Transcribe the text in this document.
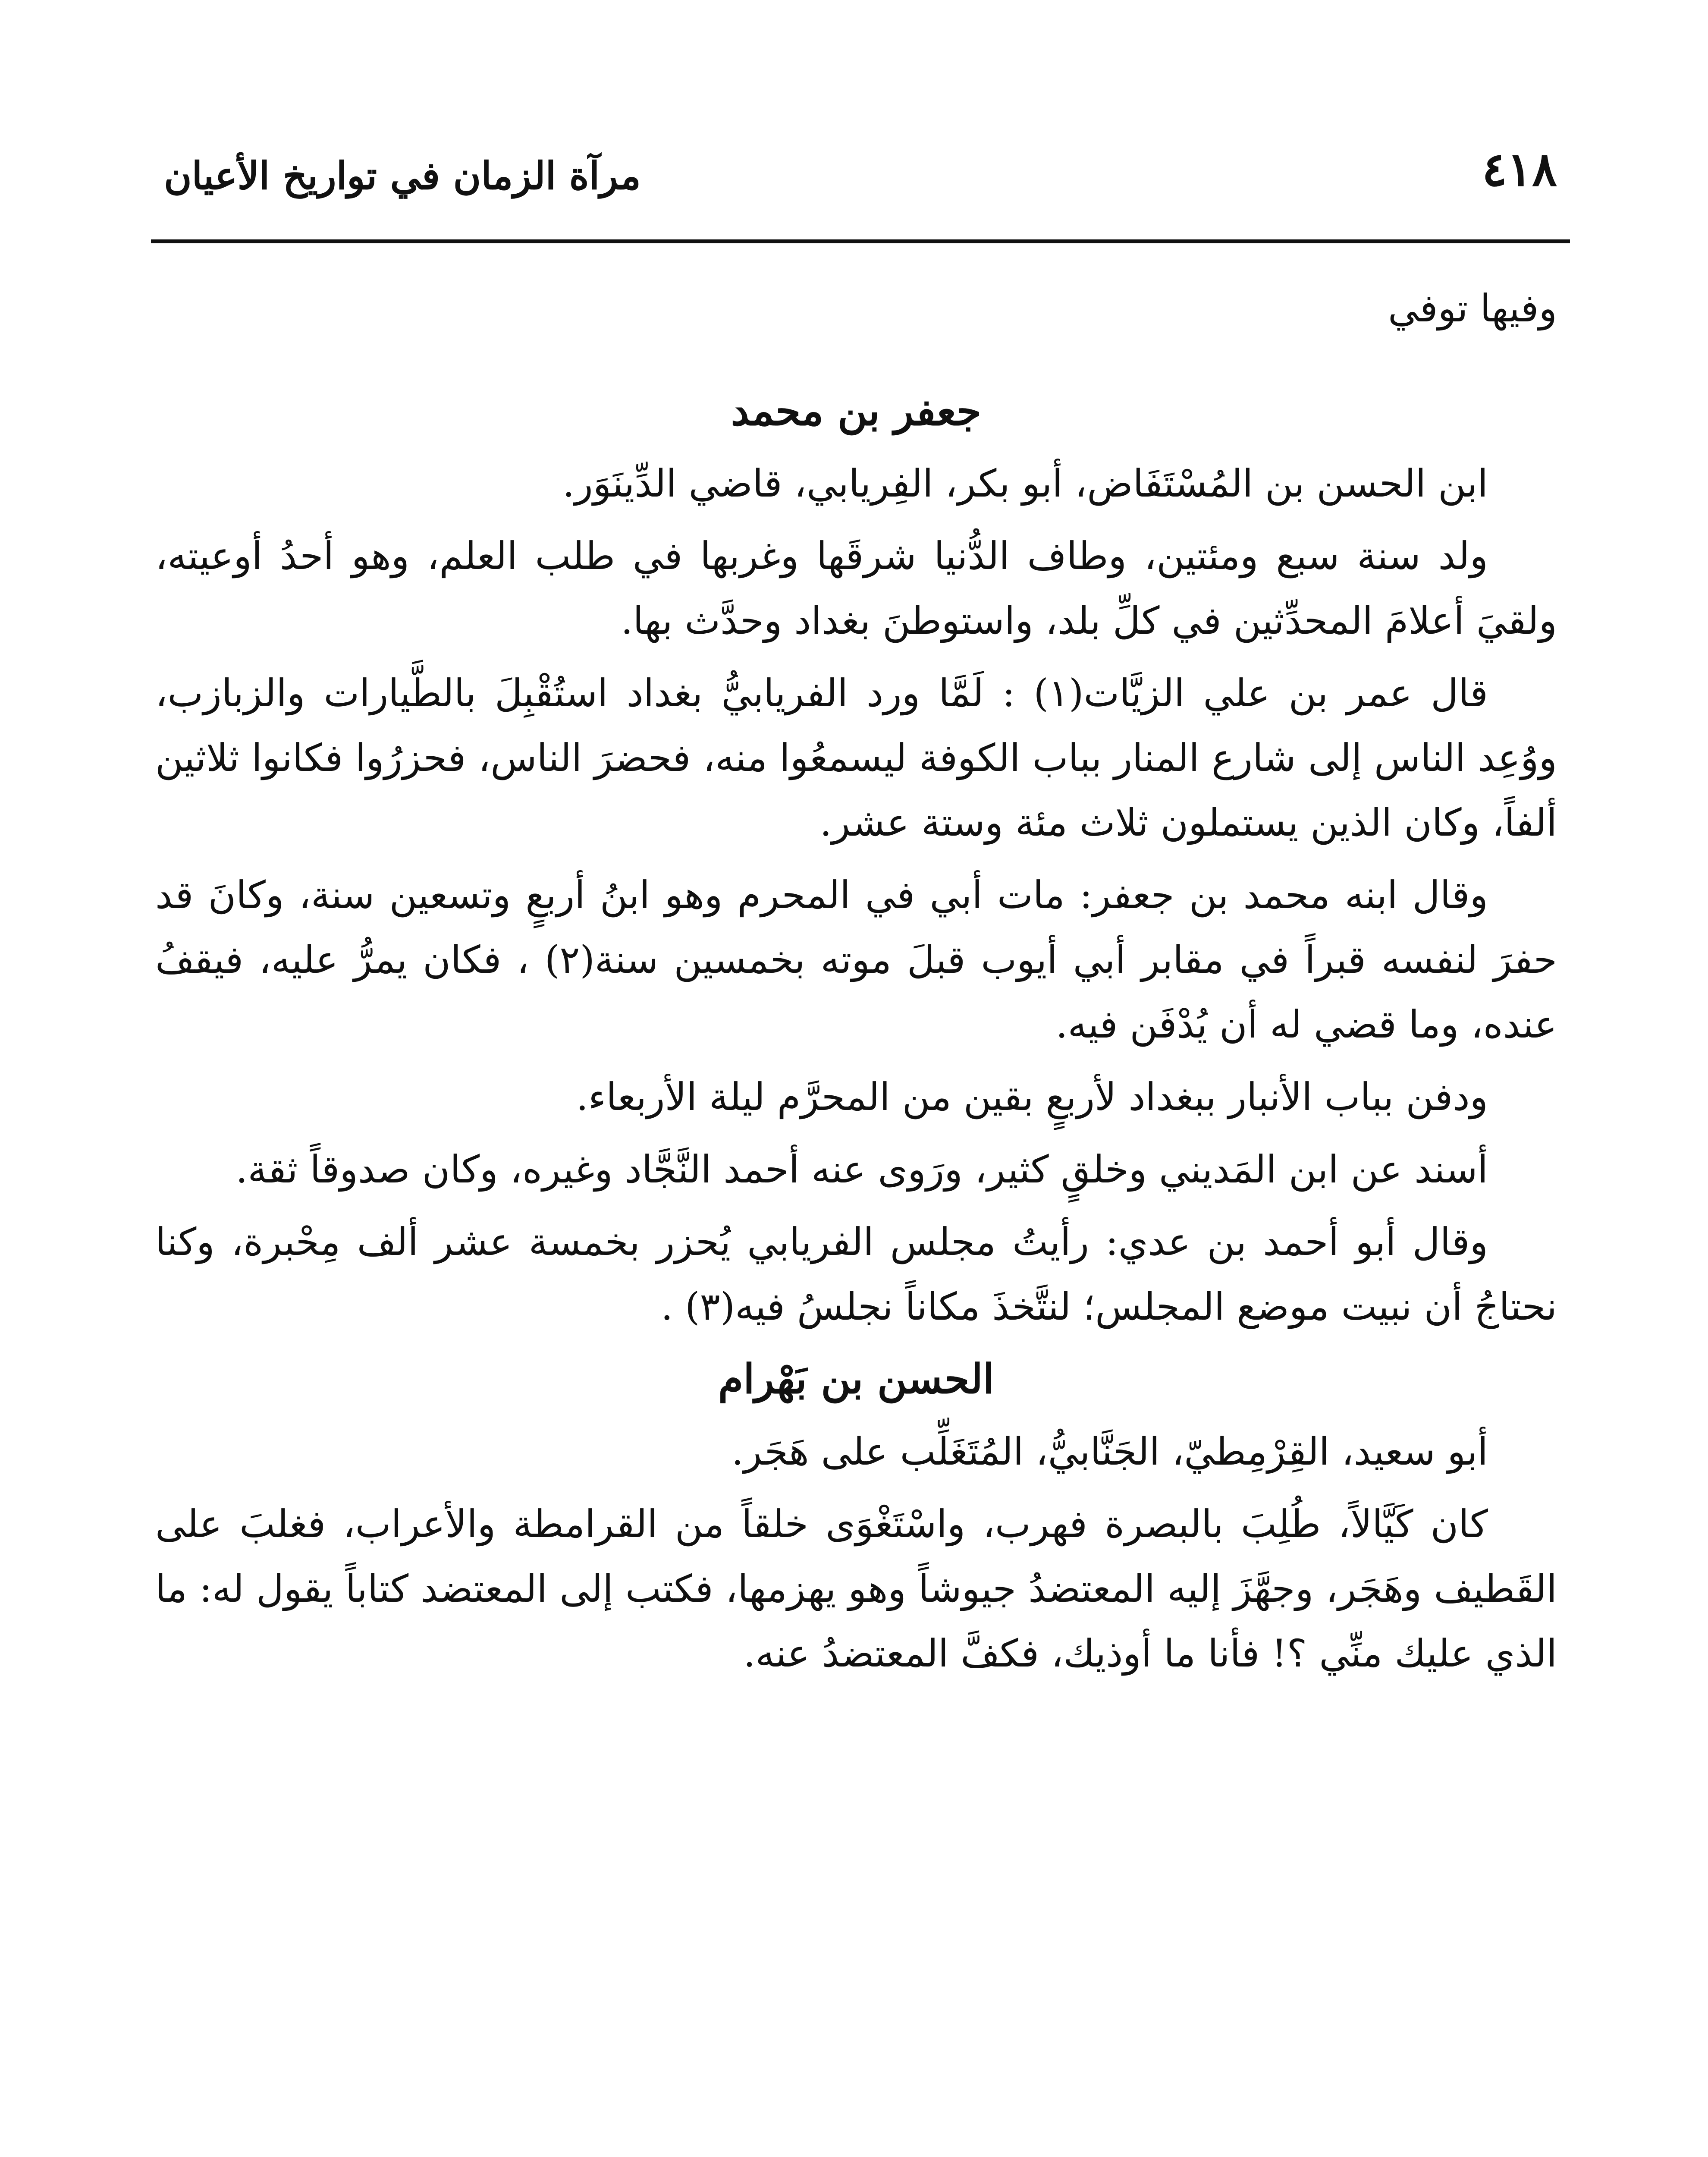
٤١٨
مرآة الزمان في تواريخ الأعيان

وفيها توفي

جعفر بن محمد

ابن الحسن بن المُسْتَفَاض، أبو بكر، الفِريابي، قاضي الدِّينَوَر.

ولد سنة سبع ومئتين، وطاف الدُّنيا شرقَها وغربها في طلب العلم، وهو أحدُ أوعيته، ولقيَ أعلامَ المحدِّثين في كلِّ بلد، واستوطنَ بغداد وحدَّث بها.

قال عمر بن علي الزيَّات(١) : لَمَّا ورد الفريابيُّ بغداد استُقْبِلَ بالطَّيارات والزبازب، ووُعِد الناس إلى شارع المنار بباب الكوفة ليسمعُوا منه، فحضرَ الناس، فحزرُوا فكانوا ثلاثين ألفاً، وكان الذين يستملون ثلاث مئة وستة عشر.

وقال ابنه محمد بن جعفر: مات أبي في المحرم وهو ابنُ أربعٍ وتسعين سنة، وكانَ قد حفرَ لنفسه قبراً في مقابر أبي أيوب قبلَ موته بخمسين سنة(٢) ، فكان يمرُّ عليه، فيقفُ عنده، وما قضي له أن يُدْفَن فيه.

ودفن بباب الأنبار ببغداد لأربعٍ بقين من المحرَّم ليلة الأربعاء.

أسند عن ابن المَديني وخلقٍ كثير، ورَوى عنه أحمد النَّجَّاد وغيره، وكان صدوقاً ثقة.

وقال أبو أحمد بن عدي: رأيتُ مجلس الفريابي يُحزر بخمسة عشر ألف مِحْبرة، وكنا نحتاجُ أن نبيت موضع المجلس؛ لنتَّخذَ مكاناً نجلسُ فيه(٣) .

الحسن بن بَهْرام

أبو سعيد، القِرْمِطيّ، الجَنَّابيُّ، المُتَغَلِّب على هَجَر.

كان كَيَّالاً، طُلِبَ بالبصرة فهرب، واسْتَغْوَى خلقاً من القرامطة والأعراب، فغلبَ على القَطيف وهَجَر، وجهَّزَ إليه المعتضدُ جيوشاً وهو يهزمها، فكتب إلى المعتضد كتاباً يقول له: ما الذي عليك منِّي ؟! فأنا ما أوذيك، فكفَّ المعتضدُ عنه.
